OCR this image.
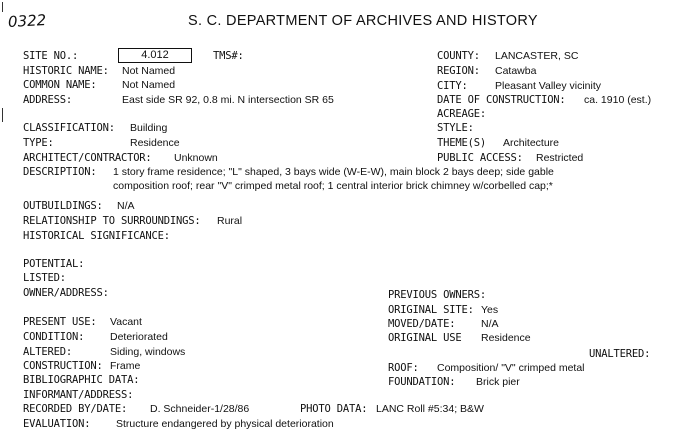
0322	S. C. DEPARTMENT OF ARCHIVES AND HISTORY
SITE NO.:	4.012	TMS#:
HISTORIC NAME: Not Named
COMMON NAME: Not Named
ADDRESS:	East side SR 92, 0.8 mi. N intersection SR 65
CLASSIFICATION: Building
TYPE:	Residence
ARCHITECT/CONTRACTOR: Unknown
DESCRIPTION: 1 story frame residence; "L" shaped, 3 bays wide (W-E-W), main block 2 bays deep; side gable
composition roof; rear "V" crimped metal roof; 1 central interior brick chimney w/corbelled cap;*
OUTBUILDINGS: N/A
RELATIONSHIP TO SURROUNDINGS: Rural
HISTORICAL SIGNIFICANCE:
POTENTIAL:
LISTED:
OWNER/ADDRESS:
PRESENT USE: Vacant
CONDITION: Deteriorated
ALTERED:	Siding, windows
CONSTRUCTION: Frame
BIBLIOGRAPHIC DATA:
INFORMANT/ADDRESS:
RECORDED BY/DATE: D. Schneider-1/28/86	PHOTO DATA: LANC Roll #5:34; B&W
EVALUATION: Structure endangered by physical deterioration
COUNTY: LANCASTER, SC
REGION: Catawba
CITY:	Pleasant Valley vicinity
DATE OF CONSTRUCTION: ca. 1910 (est.)
ACREAGE:
STYLE:
THEME(S) Architecture
PUBLIC ACCESS: Restricted
PREVIOUS OWNERS:
ORIGINAL SITE: Yes
MOVED/DATE: N/A
ORIGINAL USE Residence
UNALTERED:
ROOF: Composition/ "V" crimped metal
FOUNDATION: Brick pier
